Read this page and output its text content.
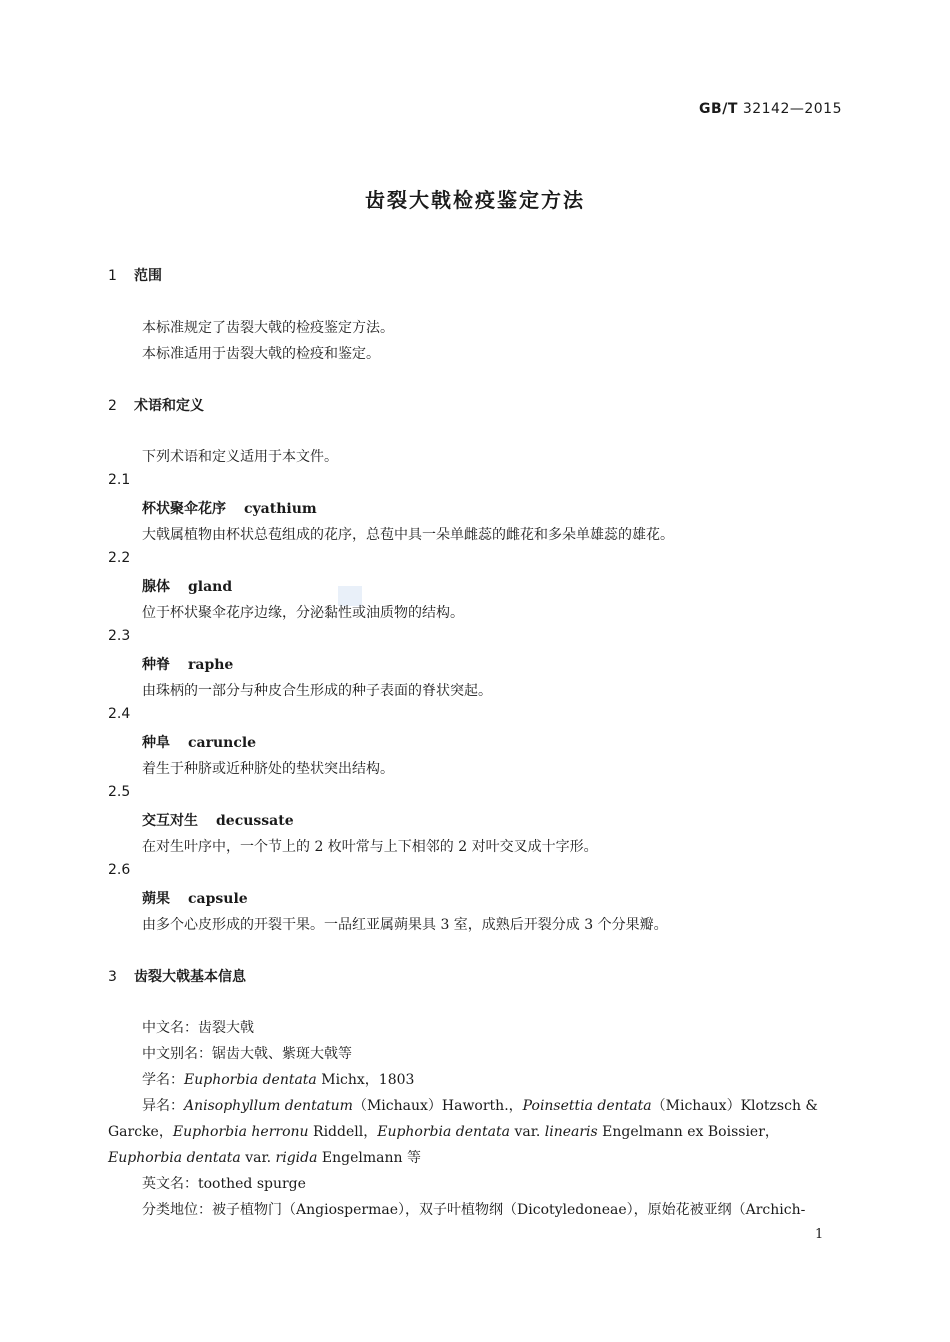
GB/T 32142—2015
齿裂大戟检疫鉴定方法
1 范围
本标准规定了齿裂大戟的检疫鉴定方法。
本标准适用于齿裂大戟的检疫和鉴定。
2 术语和定义
下列术语和定义适用于本文件。
2.1
杯状聚伞花序 cyathium
大戟属植物由杯状总苞组成的花序，总苞中具一朵单雌蕊的雌花和多朵单雄蕊的雄花。
2.2
腺体 gland
位于杯状聚伞花序边缘，分泌黏性或油质物的结构。
2.3
种脊 raphe
由珠柄的一部分与种皮合生形成的种子表面的脊状突起。
2.4
种阜 caruncle
着生于种脐或近种脐处的垫状突出结构。
2.5
交互对生 decussate
在对生叶序中，一个节上的 2 枚叶常与上下相邻的 2 对叶交叉成十字形。
2.6
蒴果 capsule
由多个心皮形成的开裂干果。一品红亚属蒴果具 3 室，成熟后开裂分成 3 个分果瓣。
3 齿裂大戟基本信息
中文名：齿裂大戟
中文别名：锯齿大戟、紫斑大戟等
学名：Euphorbia dentata Michx，1803
异名：Anisophyllum dentatum（Michaux）Haworth.，Poinsettia dentata（Michaux）Klotzsch &
Garcke，Euphorbia herronu Riddell，Euphorbia dentata var. linearis Engelmann ex Boissier，
Euphorbia dentata var. rigida Engelmann 等
英文名：toothed spurge
分类地位：被子植物门（Angiospermae），双子叶植物纲（Dicotyledoneae），原始花被亚纲（Archich-
1
